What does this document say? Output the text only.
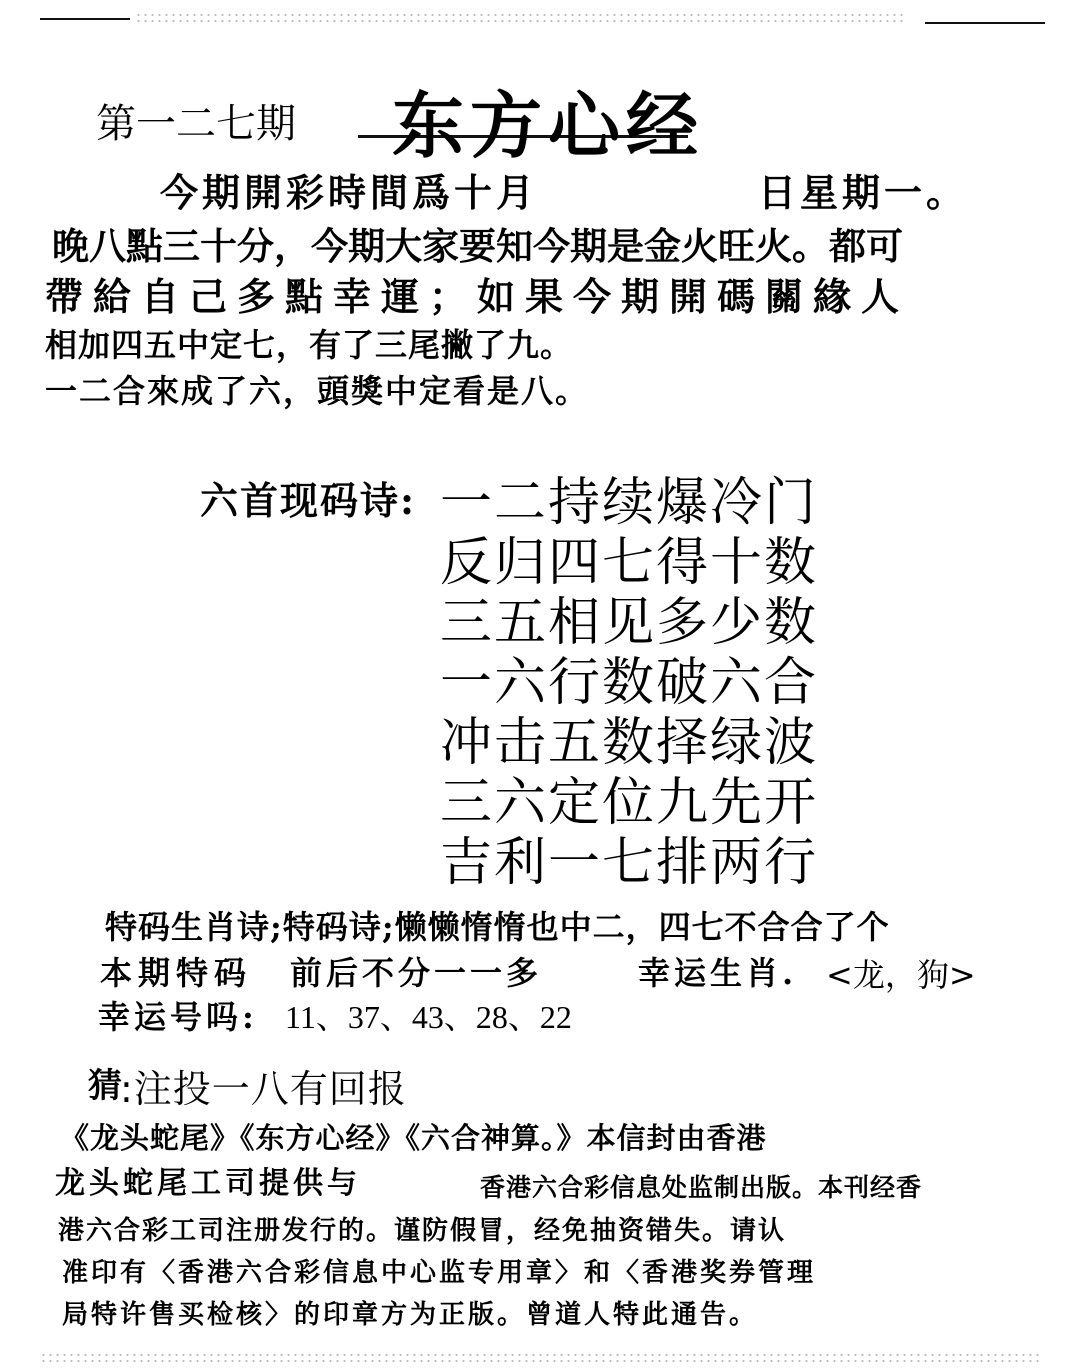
第一二七期 东方心经
今期開彩時間爲十月	日星期一。
晚八點三十分，今期大家要知今期是金火旺火。都可
帶給自己多點幸運；如果今期開碼關緣人
相加四五中定七，有了三尾撇了九。
一二合來成了六，頭獎中定看是八。
六首现码诗: 一二持续爆冷门
反归四七得十数
三五相见多少数
一六行数破六合
冲击五数择绿波
三六定位九先开
吉利一七排两行
特码生肖诗;特码诗;懒懒惰惰也中二，四七不合合了个
本期特码 前后不分一一多	幸运生肖. <龙，狗>
幸运号吗: 11、37、43、28、22
猜
:注投一八有回报
《龙头蛇尾》《东方心经》《六合神算。》本信封由香港
龙头蛇尾工司提供与	香港六合彩信息处监制出版。本刊经香
港六合彩工司注册发行的。谨防假冒，经免抽资错失。请认
准印有〈香港六合彩信息中心监专用章〉和〈香港奖券管理
局特许售买检核〉的印章方为正版。曾道人特此通告。
